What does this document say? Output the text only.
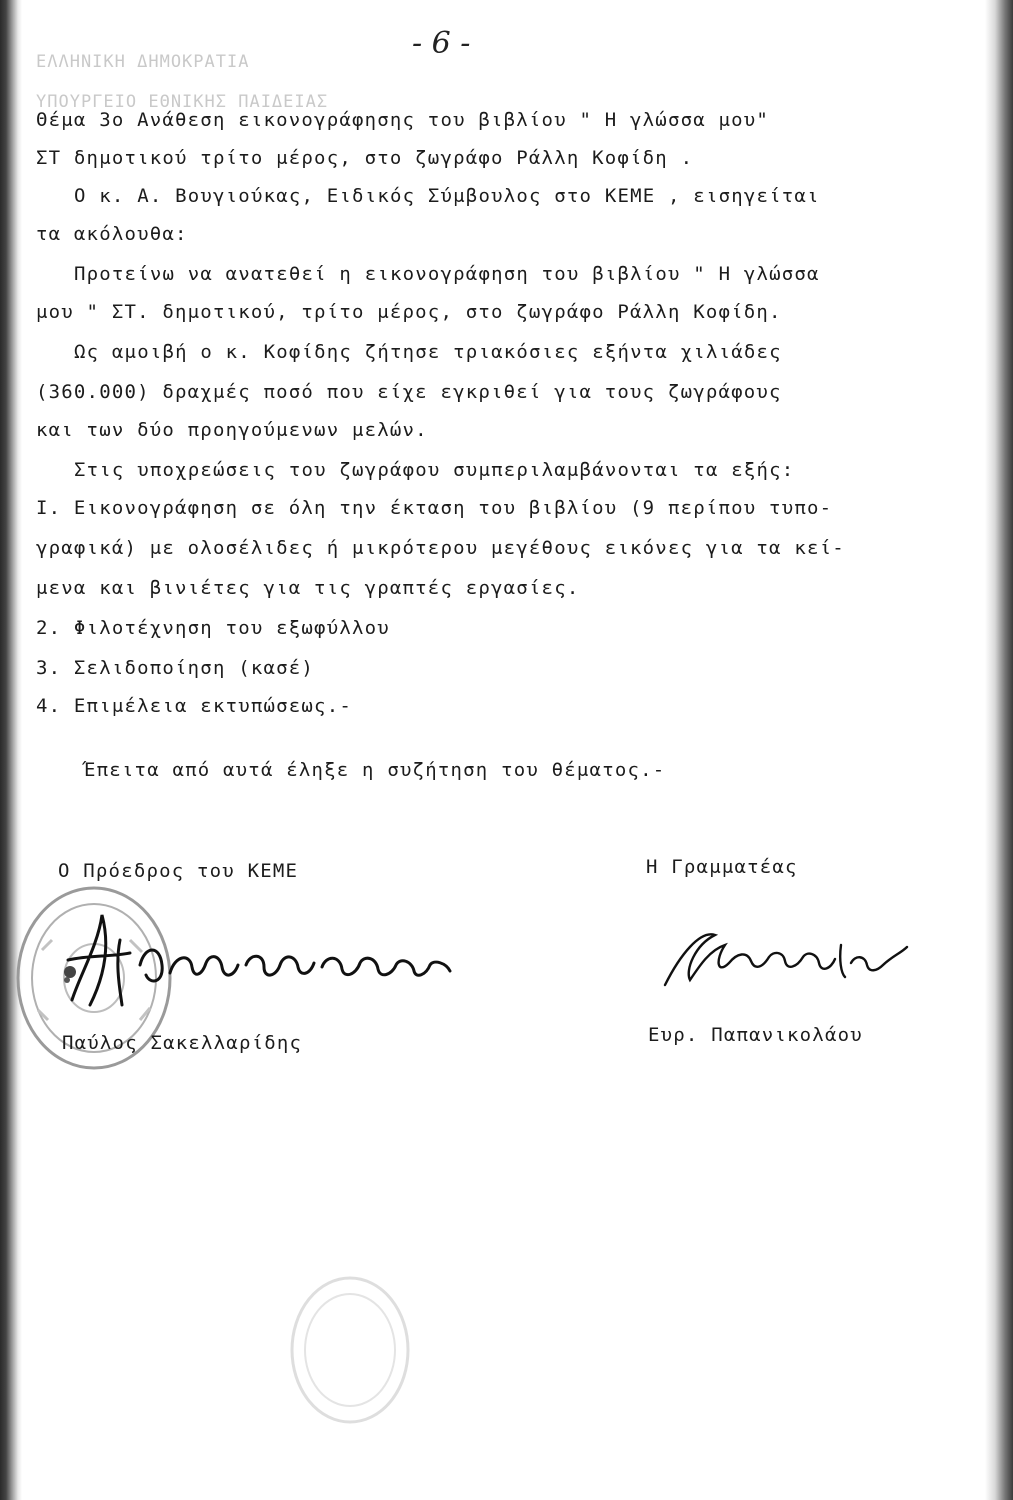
ΕΛΛΗΝΙΚΗ ΔΗΜΟΚΡΑΤΙΑ
ΥΠΟΥΡΓΕΙΟ ΕΘΝΙΚΗΣ ΠΑΙΔΕΙΑΣ
- 6 -
Θέμα 3ο Ανάθεση εικονογράφησης του βιβλίου " Η γλώσσα μου"
ΣΤ δημοτικού τρίτο μέρος, στο ζωγράφο Ράλλη Κοφίδη .
Ο κ. Α. Βουγιούκας, Ειδικός Σύμβουλος στο ΚΕΜΕ , εισηγείται
τα ακόλουθα:
Προτείνω να ανατεθεί η εικονογράφηση του βιβλίου " Η γλώσσα
μου " ΣΤ. δημοτικού, τρίτο μέρος, στο ζωγράφο Ράλλη Κοφίδη.
Ως αμοιβή ο κ. Κοφίδης ζήτησε τριακόσιες εξήντα χιλιάδες
(360.000) δραχμές ποσό που είχε εγκριθεί για τους ζωγράφους
και των δύο προηγούμενων μελών.
Στις υποχρεώσεις του ζωγράφου συμπεριλαμβάνονται τα εξής:
Ι. Εικονογράφηση σε όλη την έκταση του βιβλίου (9 περίπου τυπο-
γραφικά) με ολοσέλιδες ή μικρότερου μεγέθους εικόνες για τα κεί-
μενα και βινιέτες για τις γραπτές εργασίες.
2. Φιλοτέχνηση του εξωφύλλου
3. Σελιδοποίηση (κασέ)
4. Επιμέλεια εκτυπώσεως.-
Έπειτα από αυτά έληξε η συζήτηση του θέματος.-
Ο Πρόεδρος του ΚΕΜΕ	Η Γραμματέας
Παύλος Σακελλαρίδης	Ευρ. Παπανικολάου
